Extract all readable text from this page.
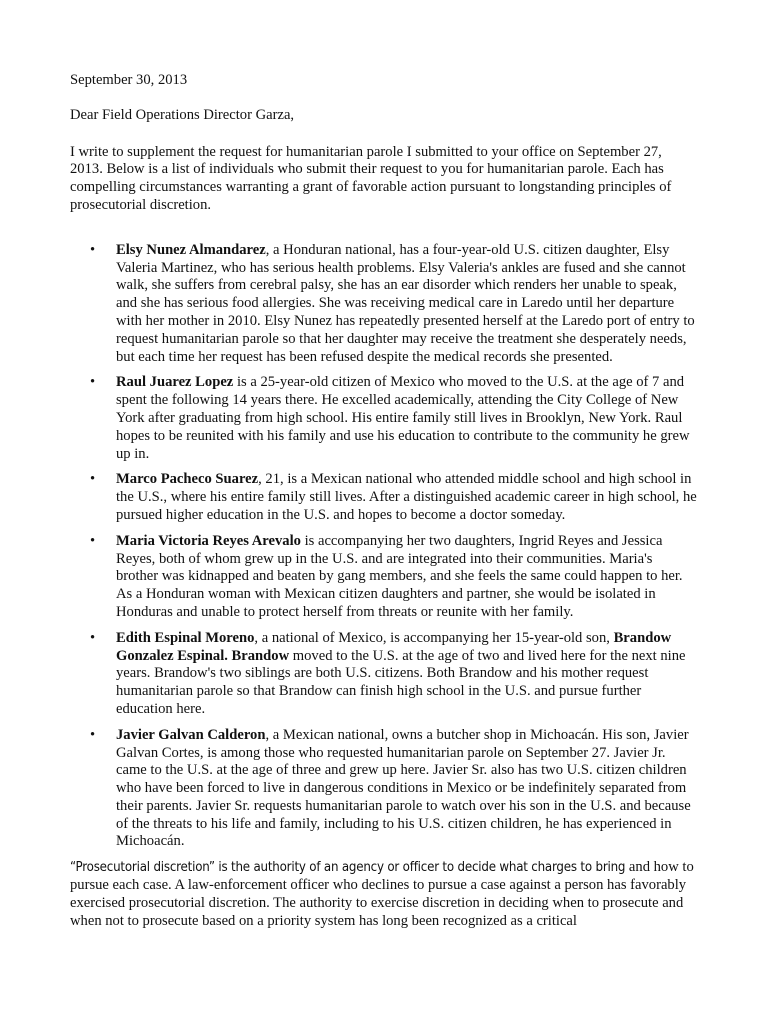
September 30, 2013
Dear Field Operations Director Garza,
I write to supplement the request for humanitarian parole I submitted to your office on September 27, 2013. Below is a list of individuals who submit their request to you for humanitarian parole. Each has compelling circumstances warranting a grant of favorable action pursuant to longstanding principles of prosecutorial discretion.
• Elsy Nunez Almandarez, a Honduran national, has a four-year-old U.S. citizen daughter, Elsy Valeria Martinez, who has serious health problems. Elsy Valeria's ankles are fused and she cannot walk, she suffers from cerebral palsy, she has an ear disorder which renders her unable to speak, and she has serious food allergies. She was receiving medical care in Laredo until her departure with her mother in 2010. Elsy Nunez has repeatedly presented herself at the Laredo port of entry to request humanitarian parole so that her daughter may receive the treatment she desperately needs, but each time her request has been refused despite the medical records she presented.
• Raul Juarez Lopez is a 25-year-old citizen of Mexico who moved to the U.S. at the age of 7 and spent the following 14 years there. He excelled academically, attending the City College of New York after graduating from high school. His entire family still lives in Brooklyn, New York. Raul hopes to be reunited with his family and use his education to contribute to the community he grew up in.
• Marco Pacheco Suarez, 21, is a Mexican national who attended middle school and high school in the U.S., where his entire family still lives. After a distinguished academic career in high school, he pursued higher education in the U.S. and hopes to become a doctor someday.
• Maria Victoria Reyes Arevalo is accompanying her two daughters, Ingrid Reyes and Jessica Reyes, both of whom grew up in the U.S. and are integrated into their communities. Maria's brother was kidnapped and beaten by gang members, and she feels the same could happen to her. As a Honduran woman with Mexican citizen daughters and partner, she would be isolated in Honduras and unable to protect herself from threats or reunite with her family.
• Edith Espinal Moreno, a national of Mexico, is accompanying her 15-year-old son, Brandow Gonzalez Espinal. Brandow moved to the U.S. at the age of two and lived here for the next nine years. Brandow's two siblings are both U.S. citizens. Both Brandow and his mother request humanitarian parole so that Brandow can finish high school in the U.S. and pursue further education here.
• Javier Galvan Calderon, a Mexican national, owns a butcher shop in Michoacán. His son, Javier Galvan Cortes, is among those who requested humanitarian parole on September 27. Javier Jr. came to the U.S. at the age of three and grew up here. Javier Sr. also has two U.S. citizen children who have been forced to live in dangerous conditions in Mexico or be indefinitely separated from their parents. Javier Sr. requests humanitarian parole to watch over his son in the U.S. and because of the threats to his life and family, including to his U.S. citizen children, he has experienced in Michoacán.
“Prosecutorial discretion” is the authority of an agency or officer to decide what charges to bring and how to pursue each case. A law-enforcement officer who declines to pursue a case against a person has favorably exercised prosecutorial discretion. The authority to exercise discretion in deciding when to prosecute and when not to prosecute based on a priority system has long been recognized as a critical
